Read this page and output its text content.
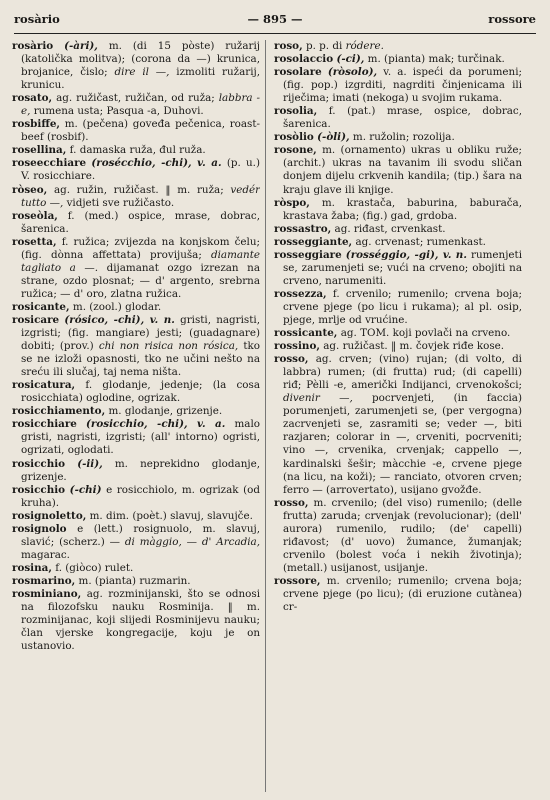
rosàrio	— 895 —	rossore

rosàrio (-àri), m. (di 15 pòste) ružarij (katolička molitva); (corona da —) krunica, brojanice, čislo; dire il —, izmoliti ružarij, krunicu.

rosato, ag. ružičast, ružičan, od ruža; labbra -e, rumena usta; Pasqua -a, Duhovi.

rosbiffe, m. (pečena) goveđa pečenica, roast-beef (rosbif).

rosellina, f. damaska ruža, đul ruža.

roseecchiare (rosécchio, -chi), v. a. (p. u.) V. rosicchiare.

ròseo, ag. ružin, ružičast. ‖ m. ruža; vedér tutto —, vidjeti sve ružičasto.

roseòla, f. (med.) ospice, mrase, dobrac, šarenica.

rosetta, f. ružica; zvijezda na konjskom čelu; (fig. dònna affettata) provijuša; diamante tagliato a —. dijamanat ozgo izrezan na strane, ozdo plosnat; — d' argento, srebrna ružica; — d' oro, zlatna ružica.

rosicante, m. (zool.) glodar.

rosicare (rósico, -chi), v. n. gristi, nagristi, izgristi; (fig. mangiare) jesti; (guadagnare) dobiti; (prov.) chi non risica non rósica, tko se ne izloži opasnosti, tko ne učini nešto na sreću ili slučaj, taj nema ništa.

rosicatura, f. glodanje, jedenje; (la cosa rosicchiata) oglodine, ogrizak.

rosicchiamento, m. glodanje, grizenje.

rosicchiare (rosicchio, -chi), v. a. malo gristi, nagristi, izgristi; (all' intorno) ogristi, ogrizati, oglodati.

rosicchio (-ii), m. neprekidno glodanje, grizenje.

rosicchio (-chi) e rosicchiolo, m. ogrizak (od kruha).

rosignoletto, m. dim. (poèt.) slavuj, slavujče.

rosignolo e (lett.) rosignuolo, m. slavuj, slavić; (scherz.) — di màggio, — d' Arcadia, magarac.

rosina, f. (giòco) rulet.

rosmarino, m. (pianta) ruzmarin.

rosminiano, ag. rozminijanski, što se odnosi na filozofsku nauku Rosminija. ‖ m. rozminijanac, koji slijedi Rosminijevu nauku; član vjerske kongregacije, koju je on ustanovio.

roso, p. p. di ródere.

rosolaccio (-ci), m. (pianta) mak; turčinak.

rosolare (ròsolo), v. a. ispeći da porumeni; (fig. pop.) izgrditi, nagrditi činjenicama ili riječima; imati (nekoga) u svojim rukama.

rosolia, f. (pat.) mrase, ospice, dobrac, šarenica.

rosòlio (-òli), m. ružolin; rozolija.

rosone, m. (ornamento) ukras u obliku ruže; (archit.) ukras na tavanim ili svodu sličan donjem dijelu crkvenih kandila; (tip.) šara na kraju glave ili knjige.

ròspo, m. krastača, baburina, baburača, krastava žaba; (fig.) gad, grdoba.

rossastro, ag. riđast, crvenkast.

rosseggiante, ag. crvenast; rumenkast.

rosseggiare (rosséggio, -gi), v. n. rumenjeti se, zarumenjeti se; vući na crveno; obojiti na crveno, narumeniti.

rossezza, f. crvenilo; rumenilo; crvena boja; crvene pjege (po licu i rukama); al pl. osip, pjege, mrlje od vrućine.

rossicante, ag. TOM. koji povlači na crveno.

rossino, ag. ružičast. ‖ m. čovjek riđe kose.

rosso, ag. crven; (vino) rujan; (di volto, di labbra) rumen; (di frutta) rud; (di capelli) riđ; Pèlli -e, američki Indijanci, crvenokošci; divenir —, pocrvenjeti, (in faccia) porumenjeti, zarumenjeti se, (per vergogna) zacrvenjeti se, zasramiti se; veder —, biti razjaren; colorar in —, crveniti, pocrveniti; vino —, crvenika, crvenjak; cappello —, kardinalski šešir; màcchie -e, crvene pjege (na licu, na koži); — ranciato, otvoren crven; ferro — (arrovertato), usijano gvožđe.

rosso, m. crvenilo; (del viso) rumenilo; (delle frutta) zaruda; crvenjak (revolucionar); (dell' aurora) rumenilo, rudilo; (de' capelli) riđavost; (d' uovo) žumance, žumanjak; crvenilo (bolest voća i nekih životinja); (metall.) usijanost, usijanje.

rossore, m. crvenilo; rumenilo; crvena boja; crvene pjege (po licu); (di eruzione cutànea) cr-
